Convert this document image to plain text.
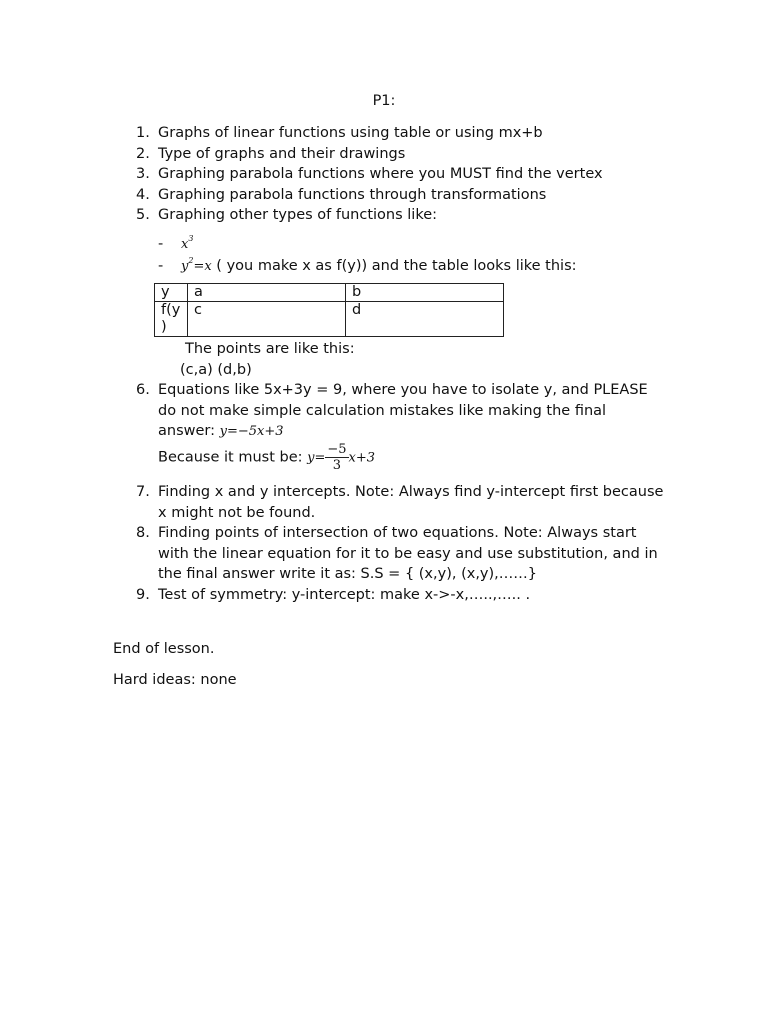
P1:
1. Graphs of linear functions using table or using mx+b
2. Type of graphs and their drawings
3. Graphing parabola functions where you MUST find the vertex
4. Graphing parabola functions through transformations
5. Graphing other types of functions like:
- $x^3$
- $y^2=x$ ( you make x as f(y)) and the table looks like this:
y	a	b
f(y
)	c	d
The points are like this:
(c,a) (d,b)
6. Equations like 5x+3y = 9, where you have to isolate y, and PLEASE do not make simple calculation mistakes like making the final answer: y=−5x+3
Because it must be: $y= \frac{-5}{3} x+3$
7. Finding x and y intercepts. Note: Always find y-intercept first because x might not be found.
8. Finding points of intersection of two equations. Note: Always start with the linear equation for it to be easy and use substitution, and in the final answer write it as: S.S = { (x,y), (x,y),……}
9. Test of symmetry: y-intercept: make x->-x,…..,….. .
End of lesson.
Hard ideas: none
